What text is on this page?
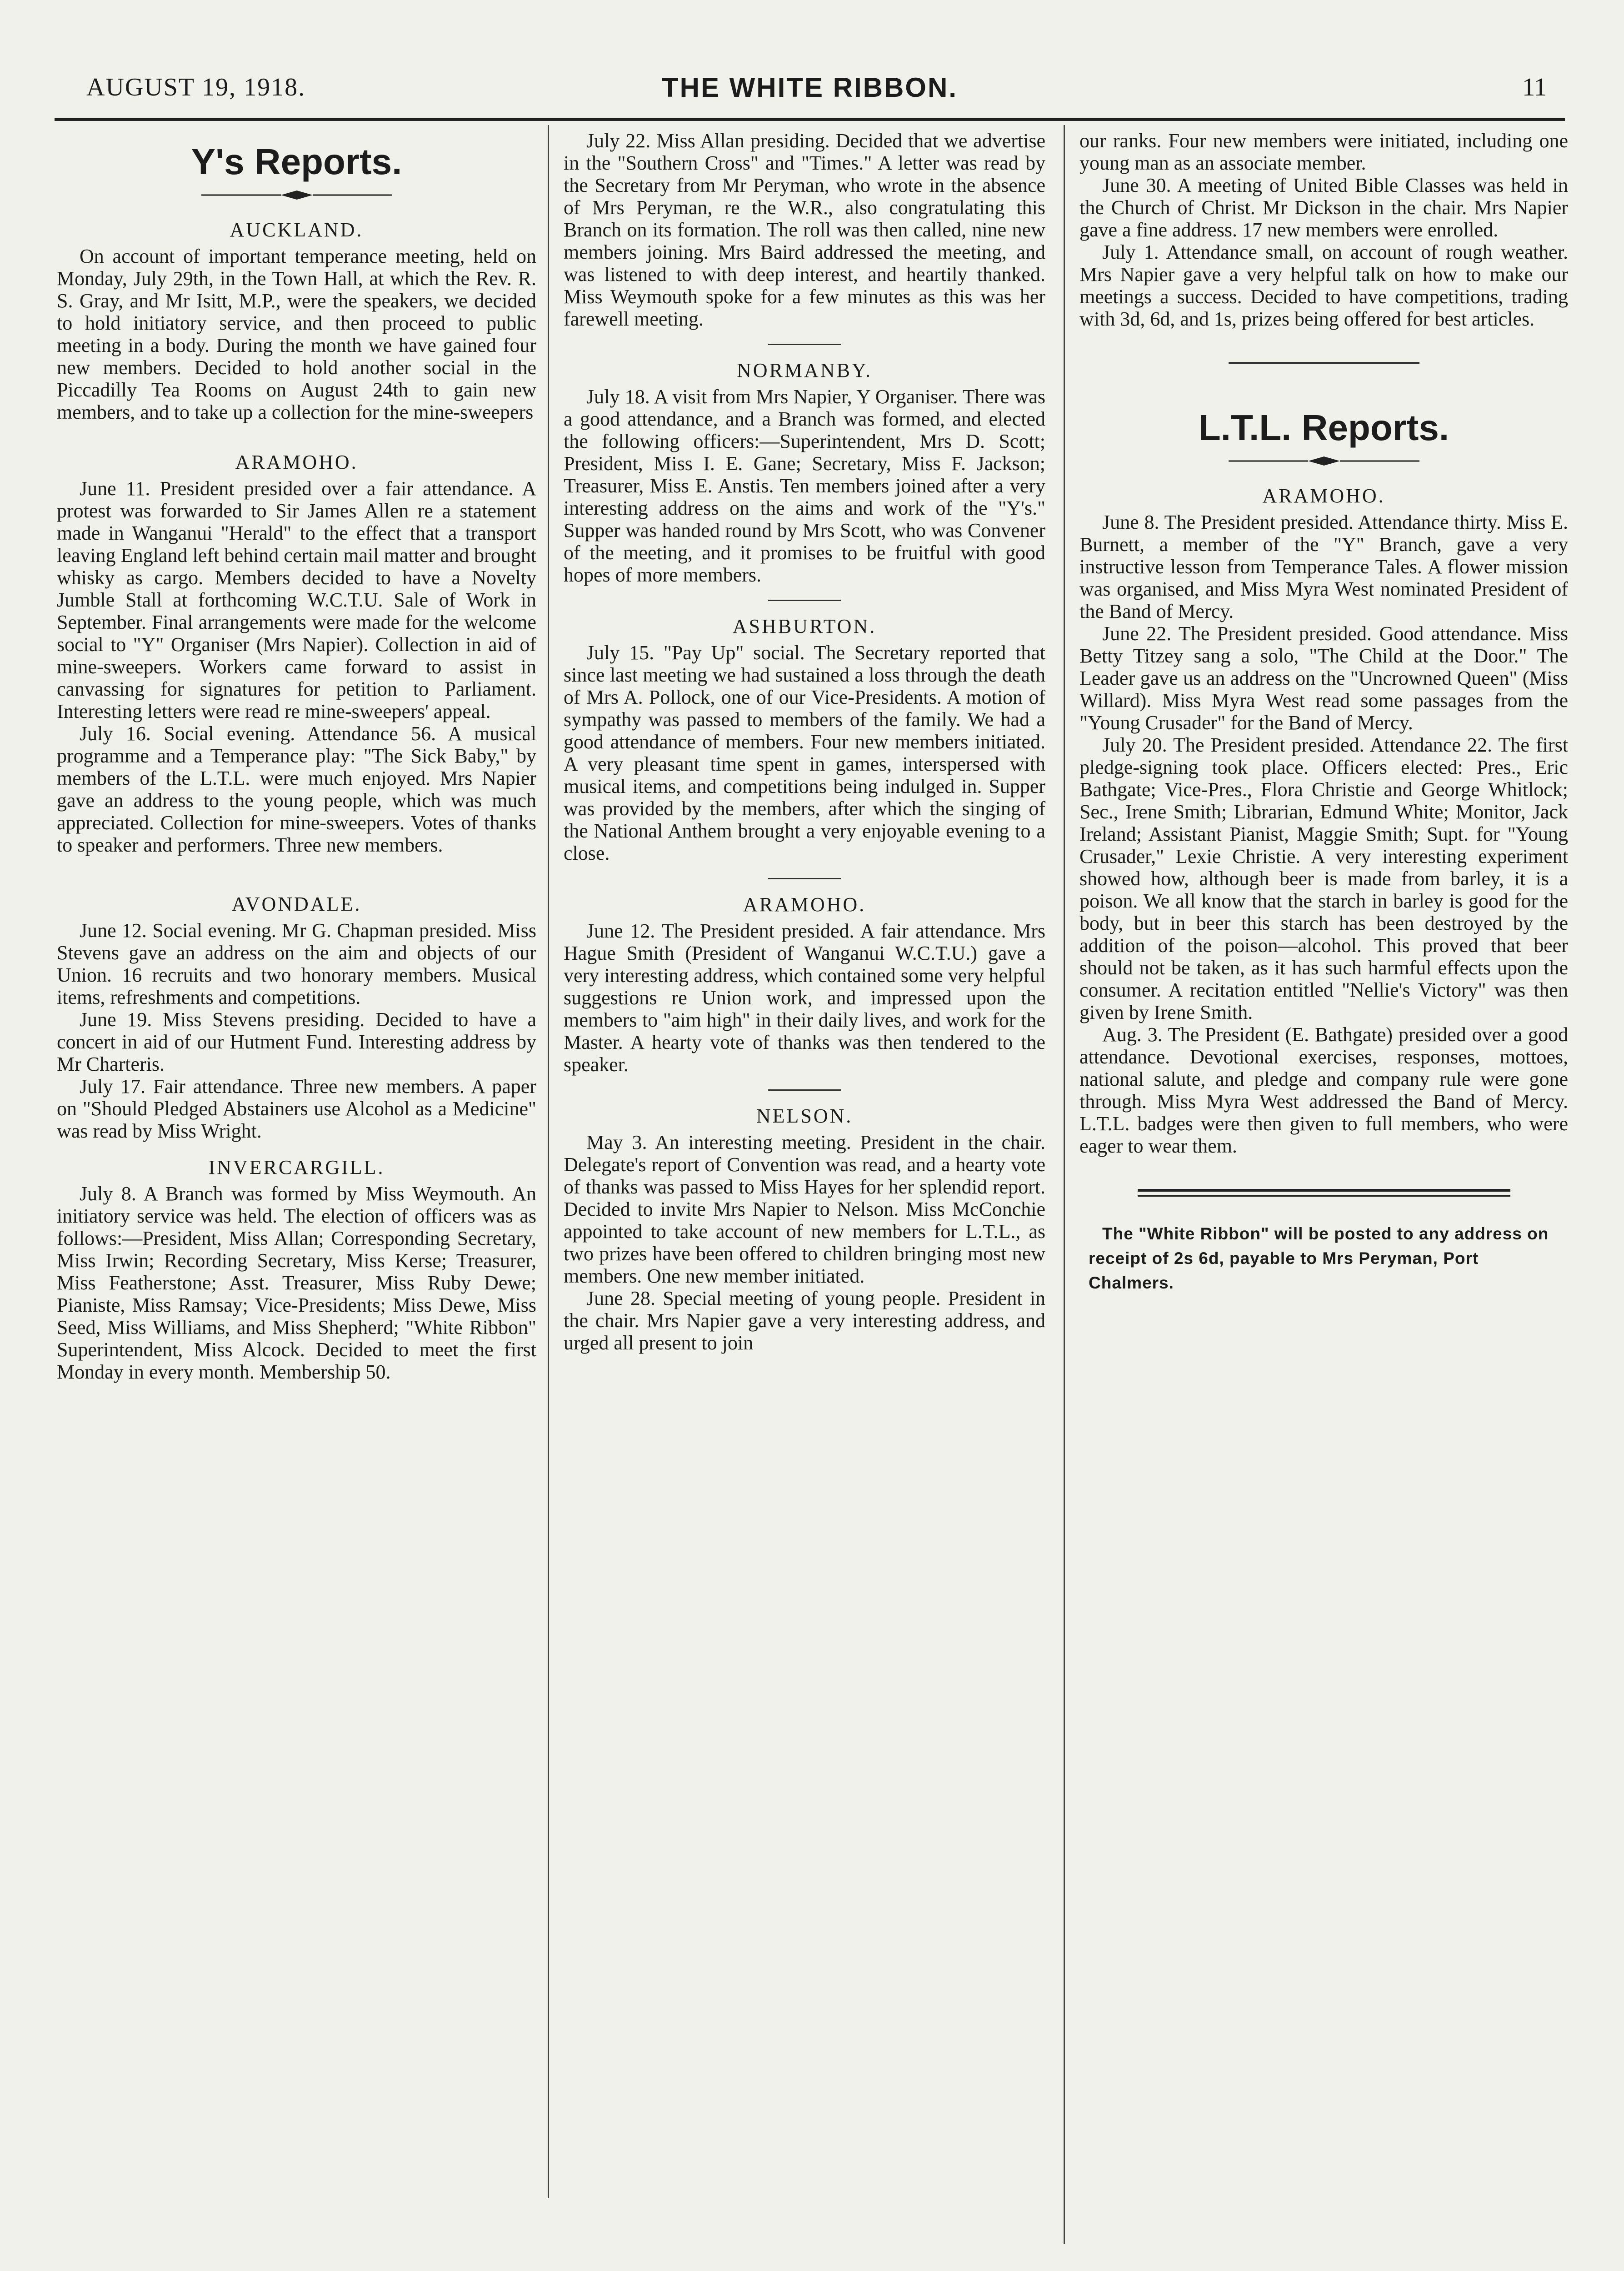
AUGUST 19, 1918.	THE WHITE RIBBON.	11
Y's Reports.
AUCKLAND.

On account of important temperance meeting, held on Monday, July 29th, in the Town Hall, at which the Rev. R. S. Gray, and Mr Isitt, M.P., were the speakers, we decided to hold initiatory service, and then proceed to public meeting in a body. During the month we have gained four new members. Decided to hold another social in the Piccadilly Tea Rooms on August 24th to gain new members, and to take up a collection for the mine-sweepers

ARAMOHO.

June 11. President presided over a fair attendance. A protest was forwarded to Sir James Allen re a statement made in Wanganui "Herald" to the effect that a transport leaving England left behind certain mail matter and brought whisky as cargo. Members decided to have a Novelty Jumble Stall at forthcoming W.C.T.U. Sale of Work in September. Final arrangements were made for the welcome social to "Y" Organiser (Mrs Napier). Collection in aid of mine-sweepers. Workers came forward to assist in canvassing for signatures for petition to Parliament. Interesting letters were read re mine-sweepers' appeal.

July 16. Social evening. Attendance 56. A musical programme and a Temperance play: "The Sick Baby," by members of the L.T.L. were much enjoyed. Mrs Napier gave an address to the young people, which was much appreciated. Collection for mine-sweepers. Votes of thanks to speaker and performers. Three new members.

AVONDALE.

June 12. Social evening. Mr G. Chapman presided. Miss Stevens gave an address on the aim and objects of our Union. 16 recruits and two honorary members. Musical items, refreshments and competitions.

June 19. Miss Stevens presiding. Decided to have a concert in aid of our Hutment Fund. Interesting address by Mr Charteris.

July 17. Fair attendance. Three new members. A paper on "Should Pledged Abstainers use Alcohol as a Medicine" was read by Miss Wright.

INVERCARGILL.

July 8. A Branch was formed by Miss Weymouth. An initiatory service was held. The election of officers was as follows:—President, Miss Allan; Corresponding Secretary, Miss Irwin; Recording Secretary, Miss Kerse; Treasurer, Miss Featherstone; Asst. Treasurer, Miss Ruby Dewe; Pianiste, Miss Ramsay; Vice-Presidents; Miss Dewe, Miss Seed, Miss Williams, and Miss Shepherd; "White Ribbon" Superintendent, Miss Alcock. Decided to meet the first Monday in every month. Membership 50.

July 22. Miss Allan presiding. Decided that we advertise in the "Southern Cross" and "Times." A letter was read by the Secretary from Mr Peryman, who wrote in the absence of Mrs Peryman, re the W.R., also congratulating this Branch on its formation. The roll was then called, nine new members joining. Mrs Baird addressed the meeting, and was listened to with deep interest, and heartily thanked. Miss Weymouth spoke for a few minutes as this was her farewell meeting.

NORMANBY.

July 18. A visit from Mrs Napier, Y Organiser. There was a good attendance, and a Branch was formed, and elected the following officers:—Superintendent, Mrs D. Scott; President, Miss I. E. Gane; Secretary, Miss F. Jackson; Treasurer, Miss E. Anstis. Ten members joined after a very interesting address on the aims and work of the "Y's." Supper was handed round by Mrs Scott, who was Convener of the meeting, and it promises to be fruitful with good hopes of more members.

ASHBURTON.

July 15. "Pay Up" social. The Secretary reported that since last meeting we had sustained a loss through the death of Mrs A. Pollock, one of our Vice-Presidents. A motion of sympathy was passed to members of the family. We had a good attendance of members. Four new members initiated. A very pleasant time spent in games, interspersed with musical items, and competitions being indulged in. Supper was provided by the members, after which the singing of the National Anthem brought a very enjoyable evening to a close.

ARAMOHO.

June 12. The President presided. A fair attendance. Mrs Hague Smith (President of Wanganui W.C.T.U.) gave a very interesting address, which contained some very helpful suggestions re Union work, and impressed upon the members to "aim high" in their daily lives, and work for the Master. A hearty vote of thanks was then tendered to the speaker.

NELSON.

May 3. An interesting meeting. President in the chair. Delegate's report of Convention was read, and a hearty vote of thanks was passed to Miss Hayes for her splendid report. Decided to invite Mrs Napier to Nelson. Miss McConchie appointed to take account of new members for L.T.L., as two prizes have been offered to children bringing most new members. One new member initiated.

June 28. Special meeting of young people. President in the chair. Mrs Napier gave a very interesting address, and urged all present to join

our ranks. Four new members were initiated, including one young man as an associate member.

June 30. A meeting of United Bible Classes was held in the Church of Christ. Mr Dickson in the chair. Mrs Napier gave a fine address. 17 new members were enrolled.

July 1. Attendance small, on account of rough weather. Mrs Napier gave a very helpful talk on how to make our meetings a success. Decided to have competitions, trading with 3d, 6d, and 1s, prizes being offered for best articles.

L.T.L. Reports.
ARAMOHO.

June 8. The President presided. Attendance thirty. Miss E. Burnett, a member of the "Y" Branch, gave a very instructive lesson from Temperance Tales. A flower mission was organised, and Miss Myra West nominated President of the Band of Mercy.

June 22. The President presided. Good attendance. Miss Betty Titzey sang a solo, "The Child at the Door." The Leader gave us an address on the "Uncrowned Queen" (Miss Willard). Miss Myra West read some passages from the "Young Crusader" for the Band of Mercy.

July 20. The President presided. Attendance 22. The first pledge-signing took place. Officers elected: Pres., Eric Bathgate; Vice-Pres., Flora Christie and George Whitlock; Sec., Irene Smith; Librarian, Edmund White; Monitor, Jack Ireland; Assistant Pianist, Maggie Smith; Supt. for "Young Crusader," Lexie Christie. A very interesting experiment showed how, although beer is made from barley, it is a poison. We all know that the starch in barley is good for the body, but in beer this starch has been destroyed by the addition of the poison—alcohol. This proved that beer should not be taken, as it has such harmful effects upon the consumer. A recitation entitled "Nellie's Victory" was then given by Irene Smith.

Aug. 3. The President (E. Bathgate) presided over a good attendance. Devotional exercises, responses, mottoes, national salute, and pledge and company rule were gone through. Miss Myra West addressed the Band of Mercy. L.T.L. badges were then given to full members, who were eager to wear them.

The "White Ribbon" will be posted to any address on receipt of 2s 6d, payable to Mrs Peryman, Port Chalmers.
